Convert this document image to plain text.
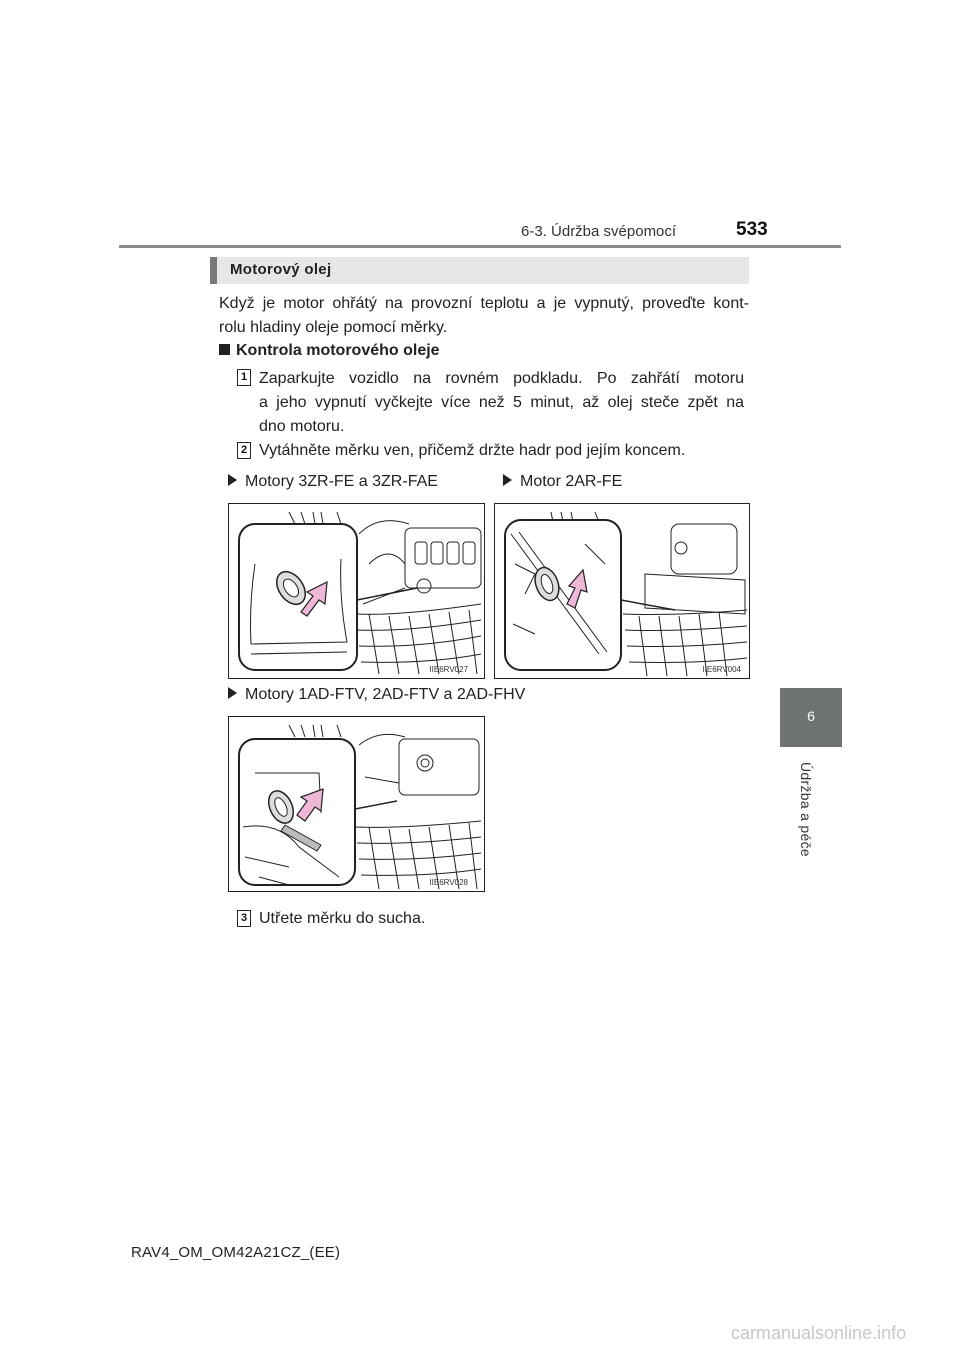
6-3. Údržba svépomocí	533
6
Údržba a péče
Motorový olej
Když je motor ohřátý na provozní teplotu a je vypnutý, proveďte kont-
rolu hladiny oleje pomocí měrky.
Kontrola motorového oleje
1 Zaparkujte vozidlo na rovném podkladu. Po zahřátí motoru
a jeho vypnutí vyčkejte více než 5 minut, až olej steče zpět na
dno motoru.
2 Vytáhněte měrku ven, přičemž držte hadr pod jejím koncem.
Motory 3ZR-FE a 3ZR-FAE	Motor 2AR-FE
IIE6RV027	IIE6RV004
Motory 1AD-FTV, 2AD-FTV a 2AD-FHV
IIE6RV028
3 Utřete měrku do sucha.
RAV4_OM_OM42A21CZ_(EE)
carmanualsonline.info
